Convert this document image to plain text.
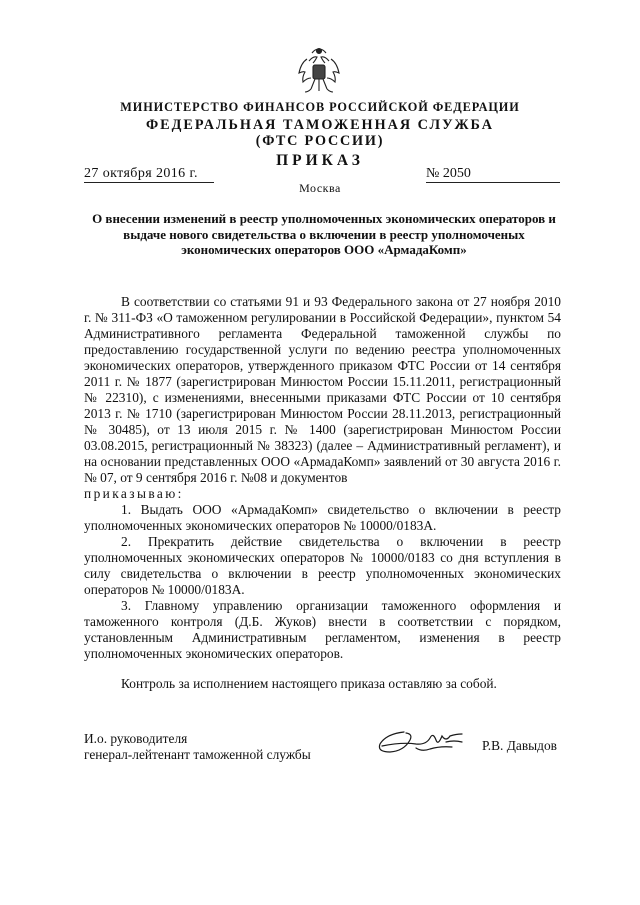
МИНИСТЕРСТВО ФИНАНСОВ РОССИЙСКОЙ ФЕДЕРАЦИИ
ФЕДЕРАЛЬНАЯ ТАМОЖЕННАЯ СЛУЖБА
(ФТС РОССИИ)
ПРИКАЗ
27 октября 2016 г.	№ 2050
Москва
О внесении изменений в реестр уполномоченных экономических операторов и выдаче нового свидетельства о включении в реестр уполномоченых экономических операторов ООО «АрмадаКомп»

В соответствии со статьями 91 и 93 Федерального закона от 27 ноября 2010 г. № 311-ФЗ «О таможенном регулировании в Российской Федерации», пунктом 54 Административного регламента Федеральной таможенной службы по предоставлению государственной услуги по ведению реестра уполномоченных экономических операторов, утвержденного приказом ФТС России от 14 сентября 2011 г. № 1877 (зарегистрирован Минюстом России 15.11.2011, регистрационный № 22310), с изменениями, внесенными приказами ФТС России от 10 сентября 2013 г. № 1710 (зарегистрирован Минюстом России 28.11.2013, регистрационный № 30485), от 13 июля 2015 г. № 1400 (зарегистрирован Минюстом России 03.08.2015, регистрационный № 38323) (далее – Административный регламент), и на основании представленных ООО «АрмадаКомп» заявлений от 30 августа 2016 г. № 07, от 9 сентября 2016 г. №08 и документов

приказываю:

1. Выдать ООО «АрмадаКомп» свидетельство о включении в реестр уполномоченных экономических операторов № 10000/0183А.

2. Прекратить действие свидетельства о включении в реестр уполномоченных экономических операторов № 10000/0183 со дня вступления в силу свидетельства о включении в реестр уполномоченных экономических операторов № 10000/0183А.

3. Главному управлению организации таможенного оформления и таможенного контроля (Д.Б. Жуков) внести в соответствии с порядком, установленным Административным регламентом, изменения в реестр уполномоченных экономических операторов.

Контроль за исполнением настоящего приказа оставляю за собой.
И.о. руководителя
генерал-лейтенант таможенной службы
Р.В. Давыдов
